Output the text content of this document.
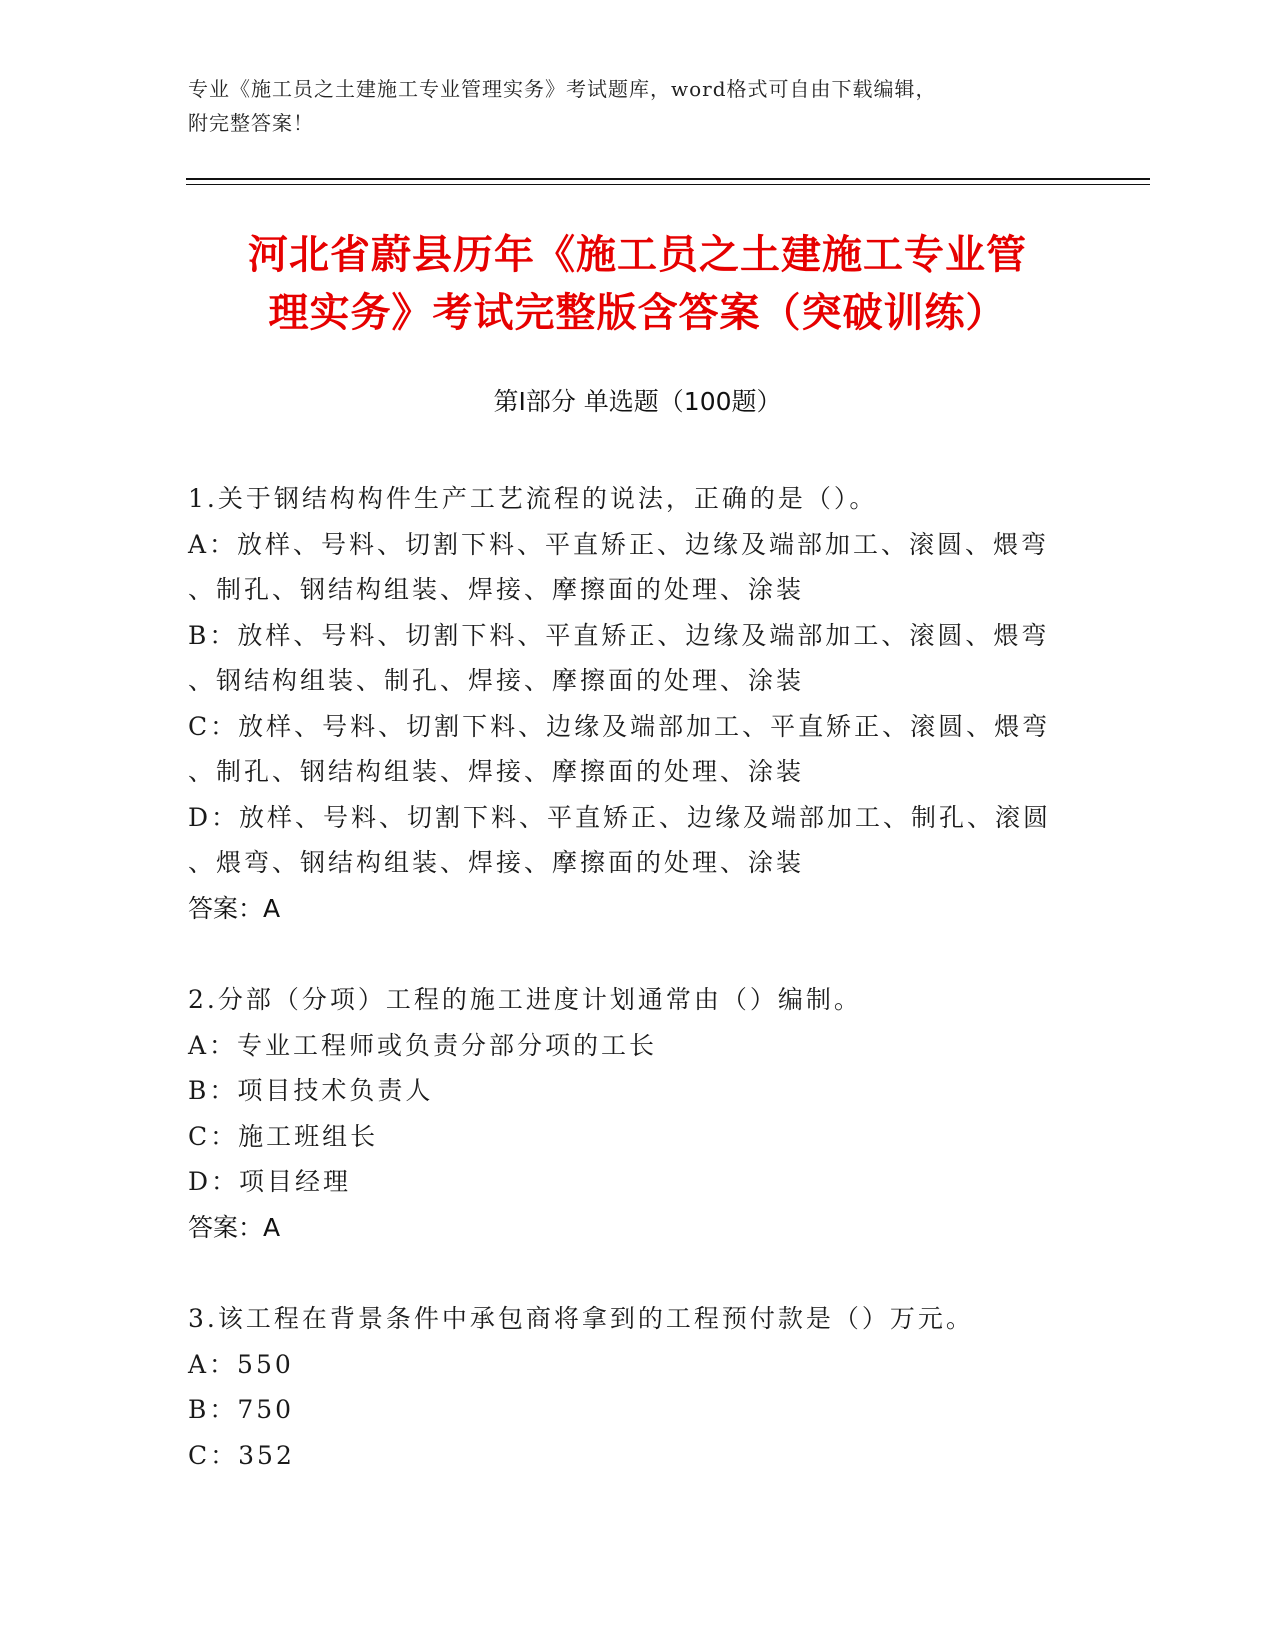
专业《施工员之土建施工专业管理实务》考试题库，word格式可自由下载编辑，
附完整答案！
河北省蔚县历年《施工员之土建施工专业管
理实务》考试完整版含答案（突破训练）
第Ⅰ部分 单选题（100题）

1.关于钢结构构件生产工艺流程的说法，正确的是（）。

A：放样、号料、切割下料、平直矫正、边缘及端部加工、滚圆、煨弯

、制孔、钢结构组装、焊接、摩擦面的处理、涂装

B：放样、号料、切割下料、平直矫正、边缘及端部加工、滚圆、煨弯

、钢结构组装、制孔、焊接、摩擦面的处理、涂装

C：放样、号料、切割下料、边缘及端部加工、平直矫正、滚圆、煨弯

、制孔、钢结构组装、焊接、摩擦面的处理、涂装

D：放样、号料、切割下料、平直矫正、边缘及端部加工、制孔、滚圆

、煨弯、钢结构组装、焊接、摩擦面的处理、涂装

答案：A

2.分部（分项）工程的施工进度计划通常由（）编制。

A：专业工程师或负责分部分项的工长

B：项目技术负责人

C：施工班组长

D：项目经理

答案：A

3.该工程在背景条件中承包商将拿到的工程预付款是（）万元。

A：550

B：750

C：352
